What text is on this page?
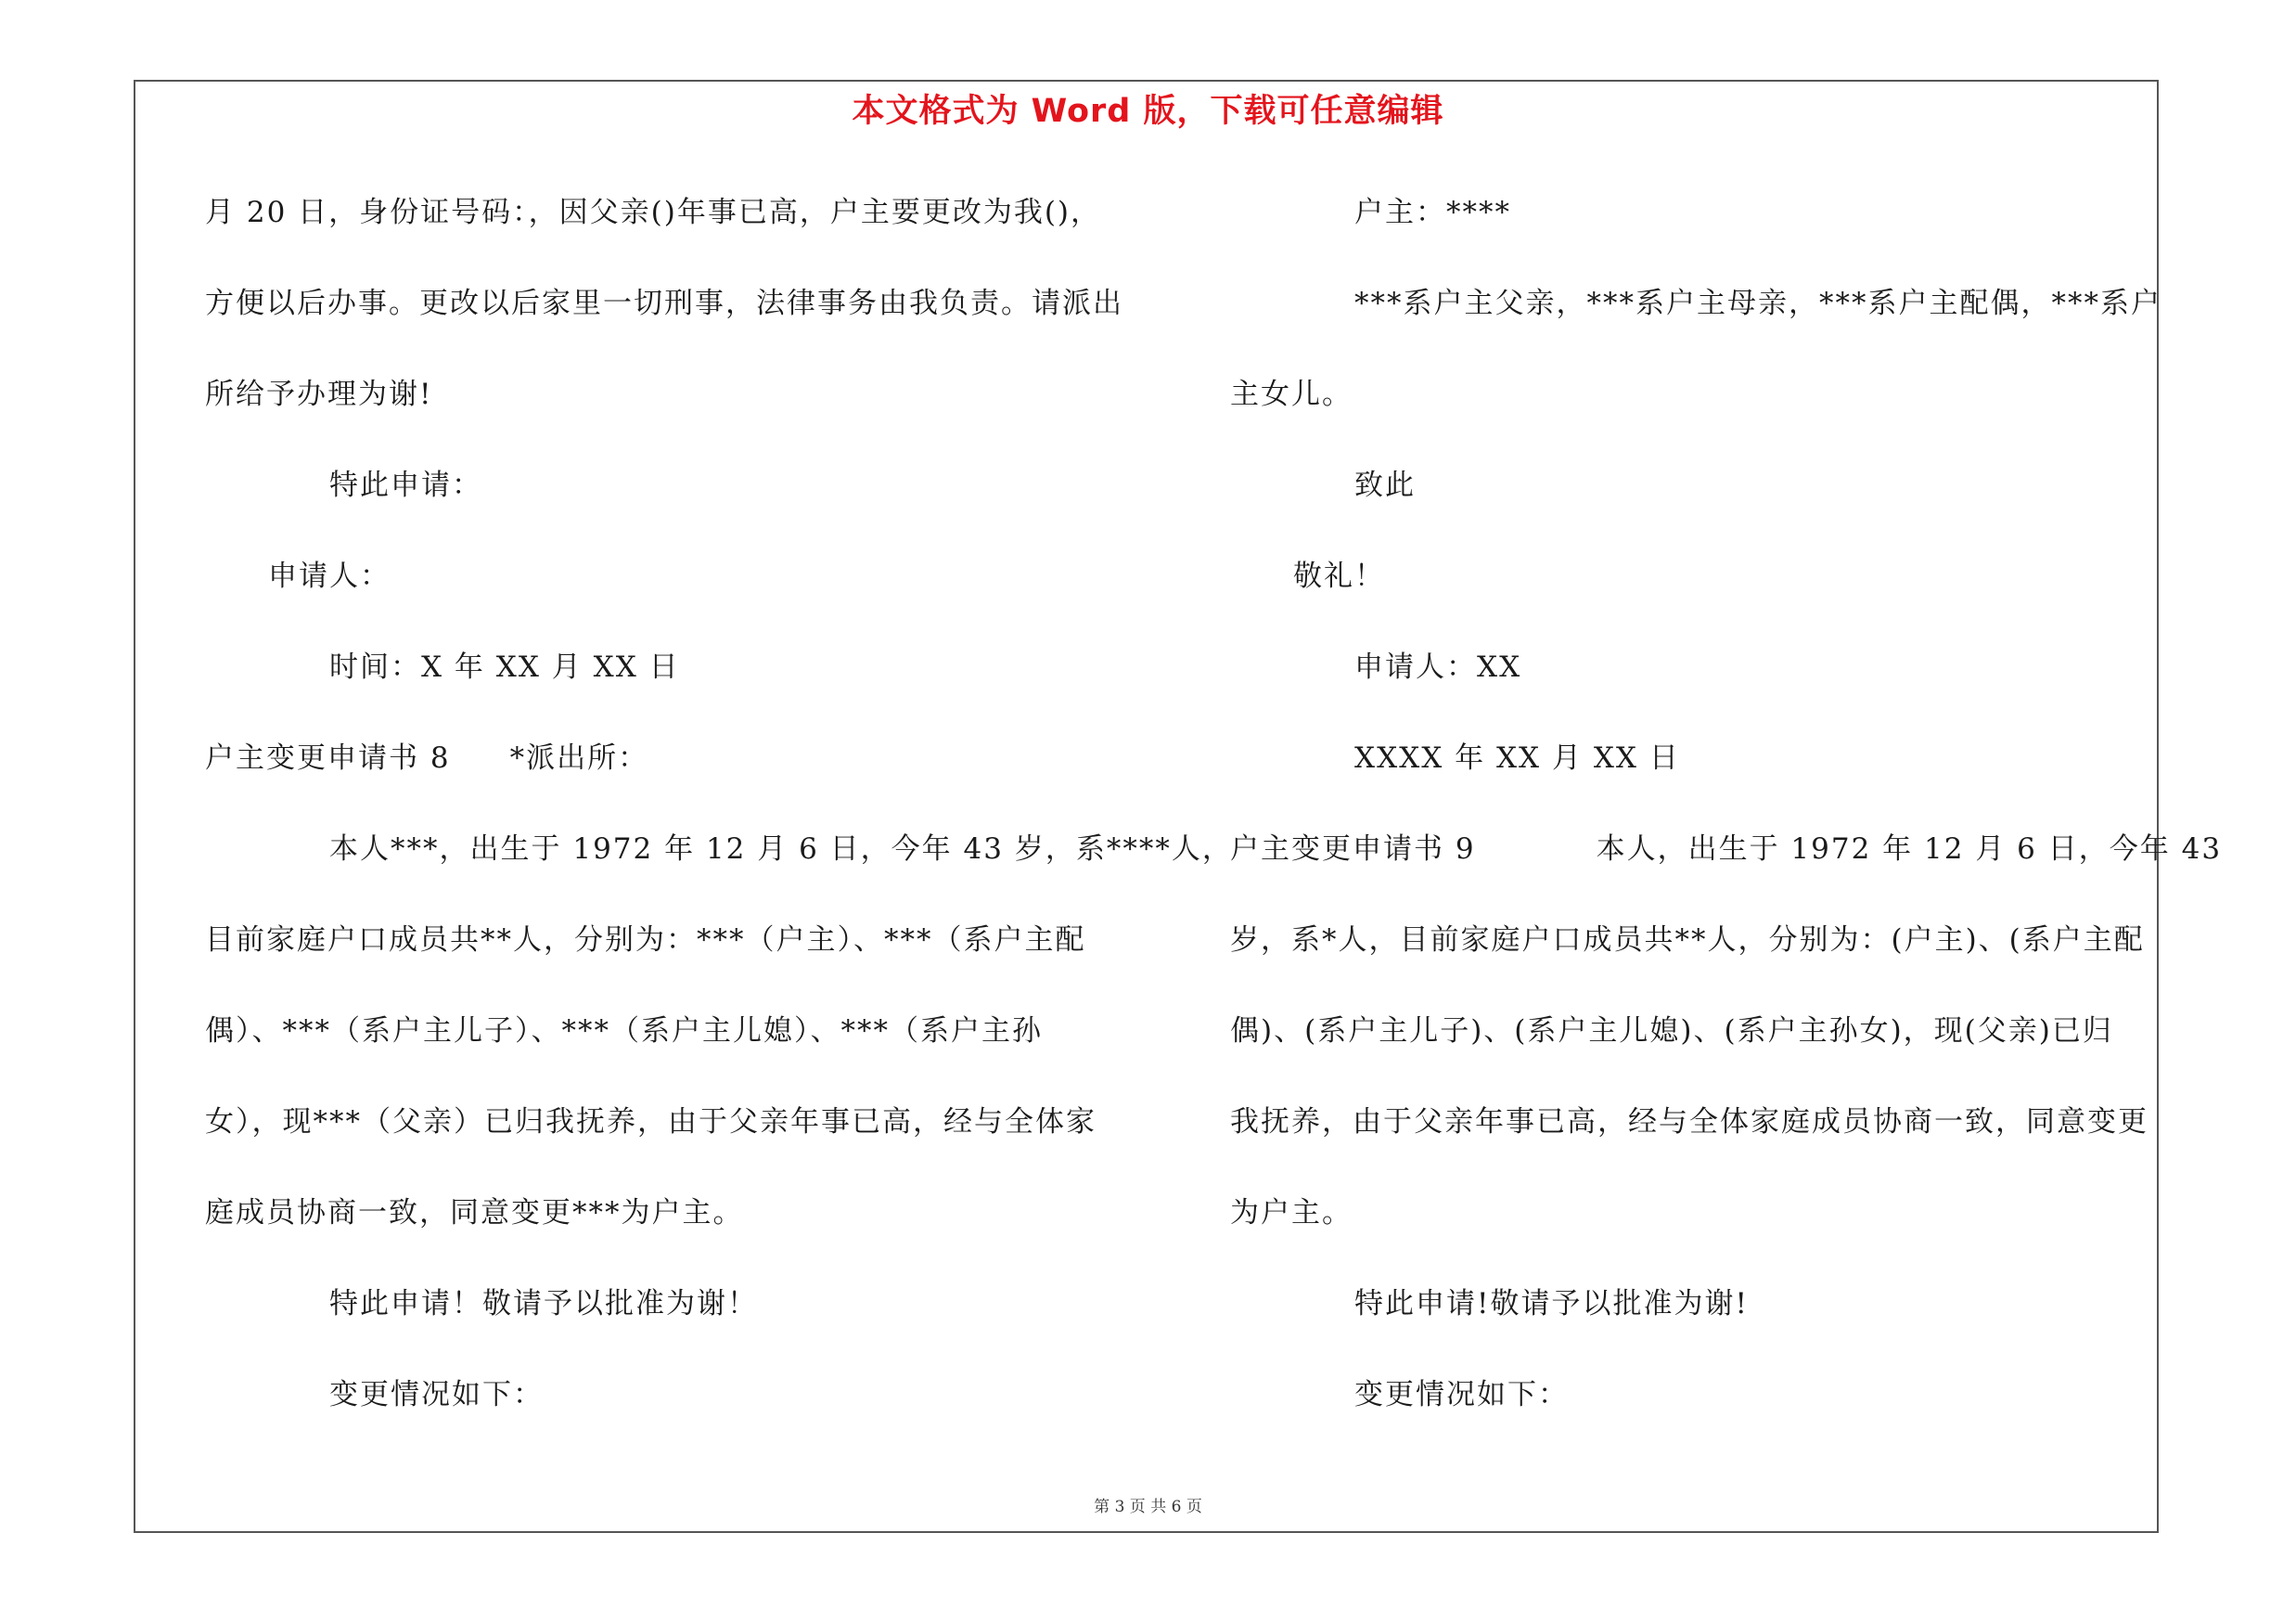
本文格式为 Word 版，下载可任意编辑
月 20 日，身份证号码：，因父亲()年事已高，户主要更改为我()，
方便以后办事。更改以后家里一切刑事，法律事务由我负责。请派出
所给予办理为谢!
特此申请：
申请人：
时间：X 年 XX 月 XX 日
户主变更申请书 8 *派出所：
本人***，出生于 1972 年 12 月 6 日，今年 43 岁，系****人，
目前家庭户口成员共**人，分别为：***（户主）、***（系户主配
偶）、***（系户主儿子）、***（系户主儿媳）、***（系户主孙
女），现***（父亲）已归我抚养，由于父亲年事已高，经与全体家
庭成员协商一致，同意变更***为户主。
特此申请！敬请予以批准为谢！
变更情况如下：
户主：****
***系户主父亲，***系户主母亲，***系户主配偶，***系户
主女儿。
致此
敬礼！
申请人：XX
XXXX 年 XX 月 XX 日
户主变更申请书 9	本人，出生于 1972 年 12 月 6 日，今年 43
岁，系*人，目前家庭户口成员共**人，分别为：(户主)、(系户主配
偶)、(系户主儿子)、(系户主儿媳)、(系户主孙女)，现(父亲)已归
我抚养，由于父亲年事已高，经与全体家庭成员协商一致，同意变更
为户主。
特此申请!敬请予以批准为谢!
变更情况如下：
第 3 页 共 6 页
